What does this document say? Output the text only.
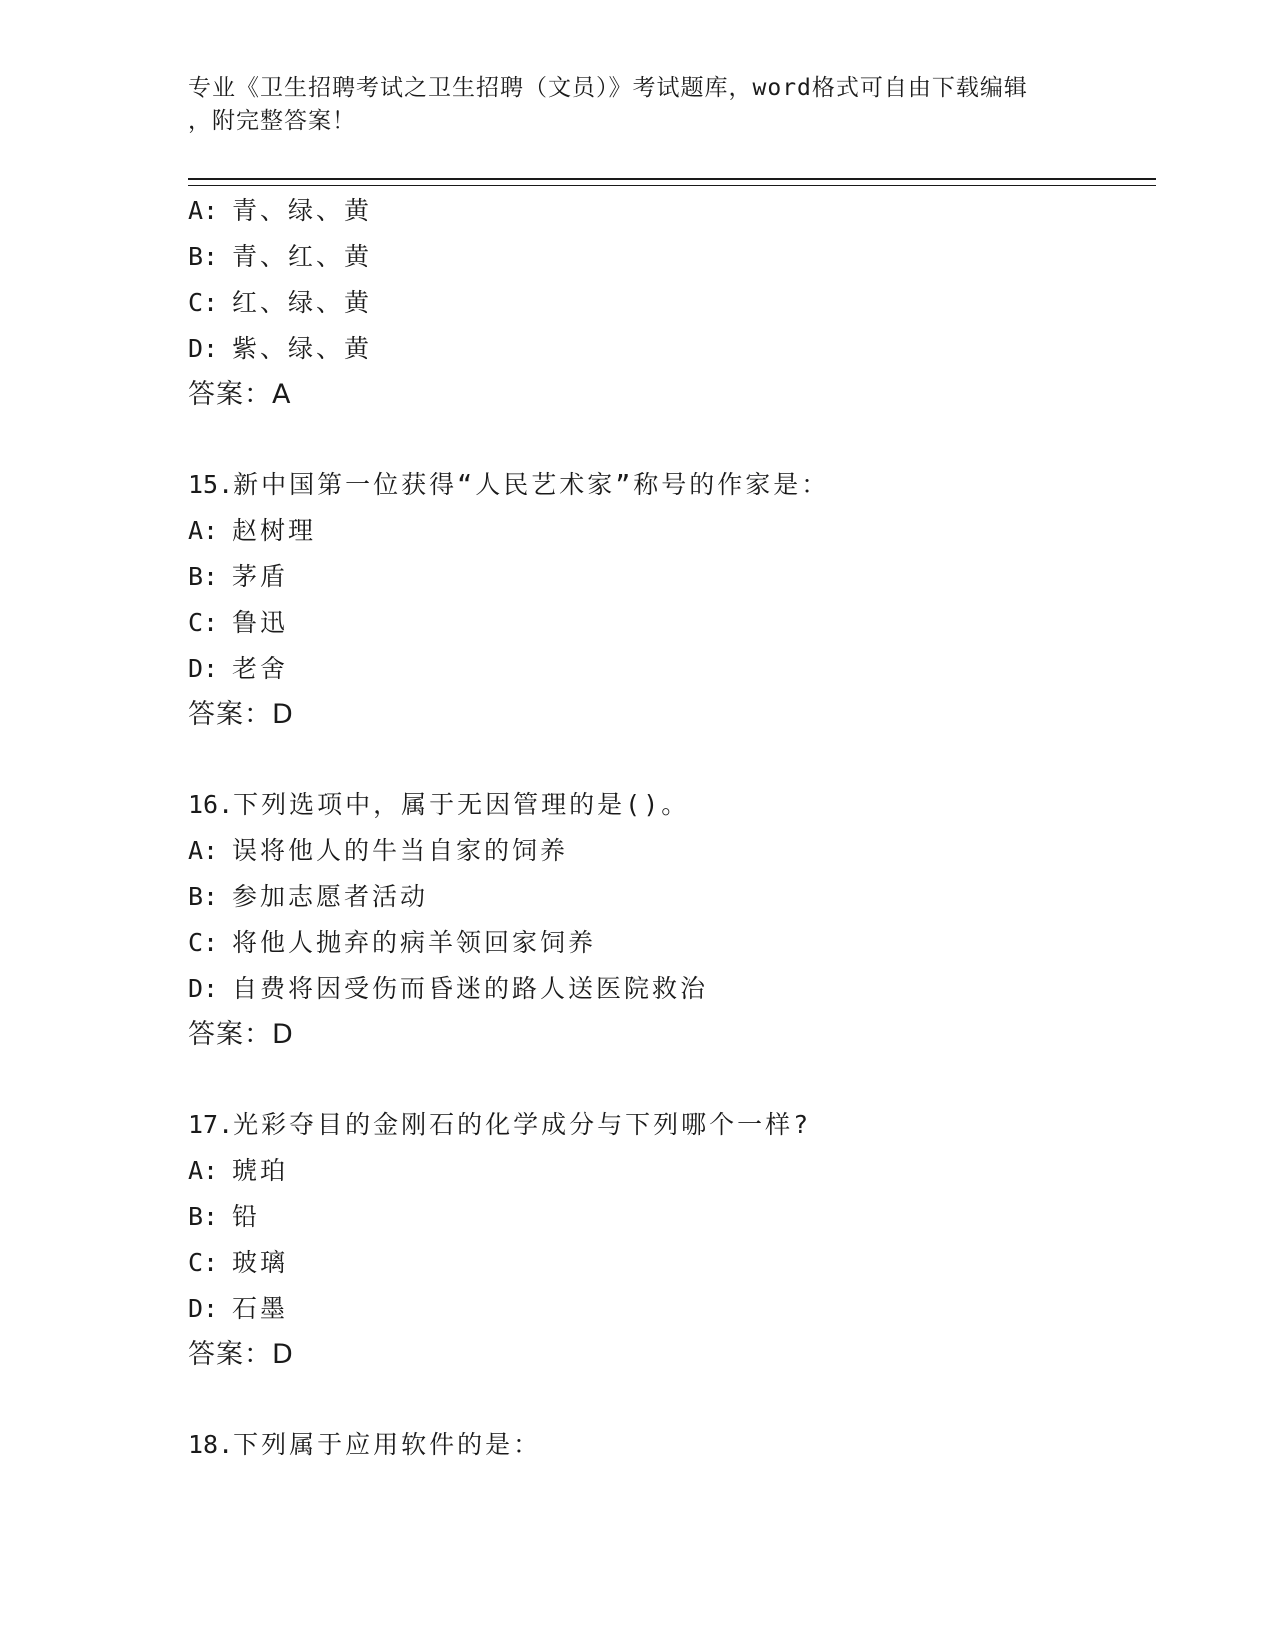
专业《卫生招聘考试之卫生招聘（文员）》考试题库，word格式可自由下载编辑
，附完整答案！
A: 青、绿、黄
B: 青、红、黄
C: 红、绿、黄
D: 紫、绿、黄
答案：A
15.新中国第一位获得“人民艺术家”称号的作家是：
A: 赵树理
B: 茅盾
C: 鲁迅
D: 老舍
答案：D
16.下列选项中，属于无因管理的是()。
A: 误将他人的牛当自家的饲养
B: 参加志愿者活动
C: 将他人抛弃的病羊领回家饲养
D: 自费将因受伤而昏迷的路人送医院救治
答案：D
17.光彩夺目的金刚石的化学成分与下列哪个一样?
A: 琥珀
B: 铅
C: 玻璃
D: 石墨
答案：D
18.下列属于应用软件的是：
